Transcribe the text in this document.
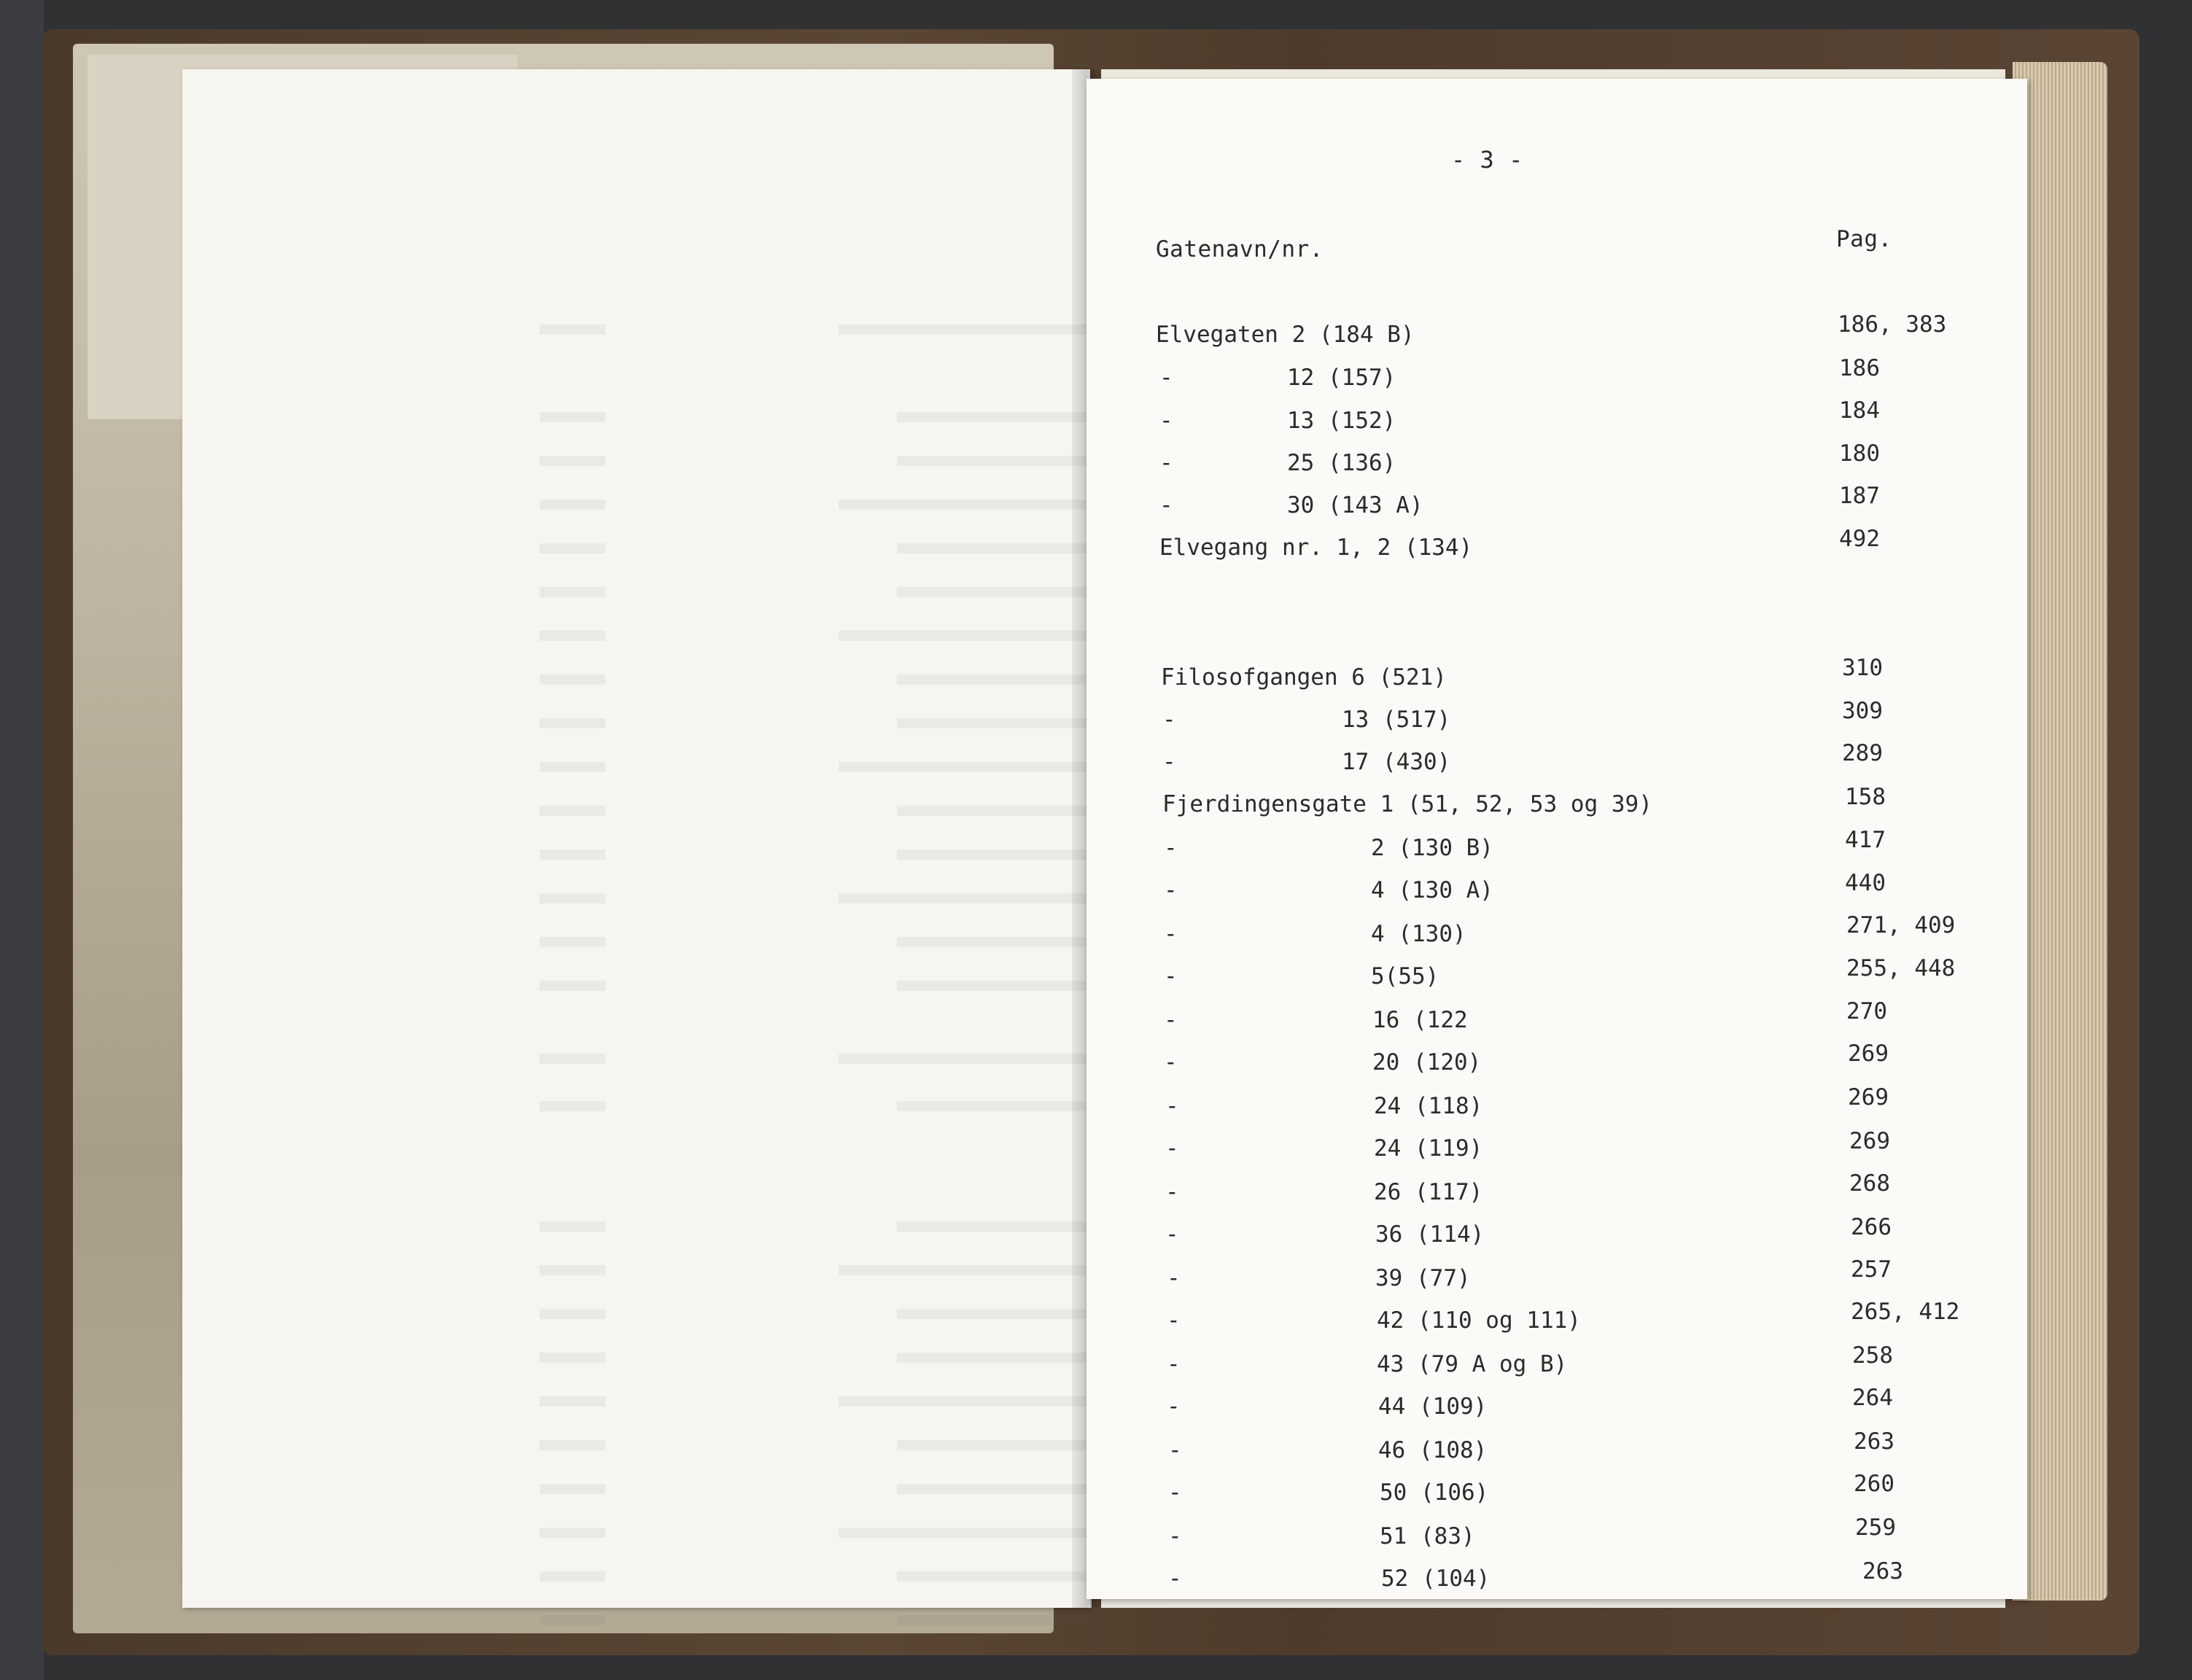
- 3 -
Gatenavn/nr.	Pag.
Elvegaten 2 (184 B)	186, 383
-	12 (157)	186
-	13 (152)	184
-	25 (136)	180
-	30 (143 A)	187
Elvegang nr. 1, 2 (134)	492
Filosofgangen 6 (521)	310
-	13 (517)	309
-	17 (430)	289
Fjerdingensgate 1 (51, 52, 53 og 39)	158
-	2 (130 B)	417
-	4 (130 A)	440
-	4 (130)	271, 409
-	5(55)	255, 448
-	16 (122	270
-	20 (120)	269
-	24 (118)	269
-	24 (119)	269
-	26 (117)	268
-	36 (114)	266
-	39 (77)	257
-	42 (110 og 111)	265, 412
-	43 (79 A og B)	258
-	44 (109)	264
-	46 (108)	263
-	50 (106)	260
-	51 (83)	259
-	52 (104)	263
